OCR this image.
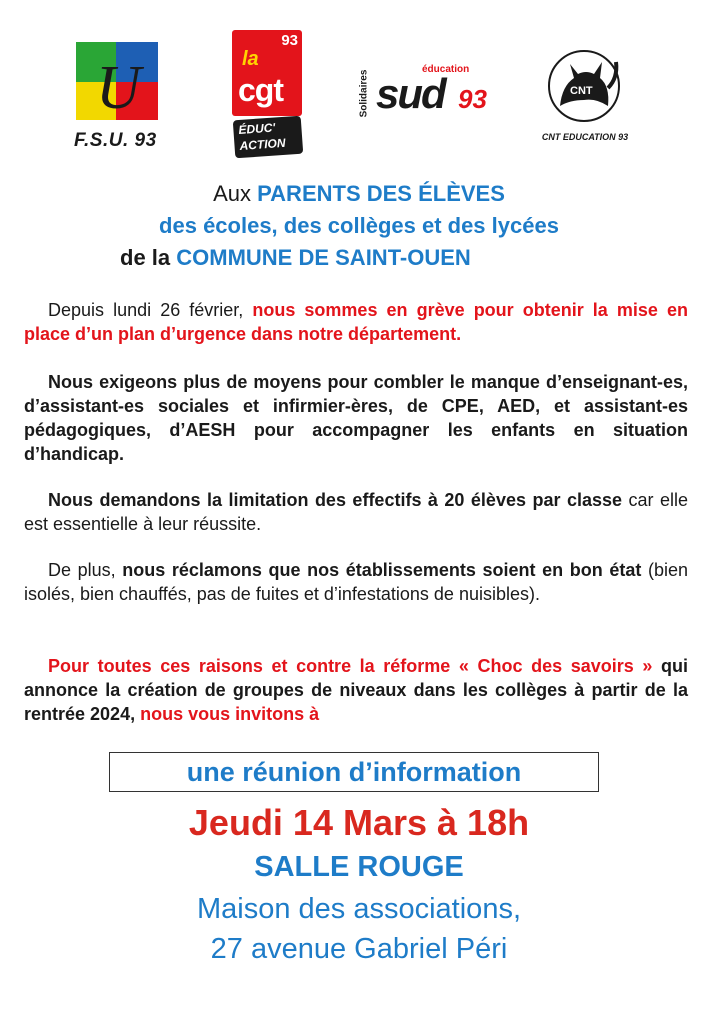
U
F.S.U. 93
93
la
cgt
ÉDUC'
ACTION
Solidaires
éducation
sud 93	CNT
CNT EDUCATION 93
Aux PARENTS DES ÉLÈVES
des écoles, des collèges et des lycées
de la COMMUNE DE SAINT-OUEN
Depuis lundi 26 février, nous sommes en grève pour obtenir la mise en place d’un plan d’urgence dans notre département.
Nous exigeons plus de moyens pour combler le manque d’enseignant-es, d’assistant-es sociales et infirmier-ères, de CPE, AED, et assistant-es pédagogiques, d’AESH pour accompagner les enfants en situation d’handicap.
Nous demandons la limitation des effectifs à 20 élèves par classe car elle est essentielle à leur réussite.
De plus, nous réclamons que nos établissements soient en bon état (bien isolés, bien chauffés, pas de fuites et d’infestations de nuisibles).
Pour toutes ces raisons et contre la réforme « Choc des savoirs » qui annonce la création de groupes de niveaux dans les collèges à partir de la rentrée 2024, nous vous invitons à
une réunion d’information
Jeudi 14 Mars à 18h
SALLE ROUGE
Maison des associations,
27 avenue Gabriel Péri
